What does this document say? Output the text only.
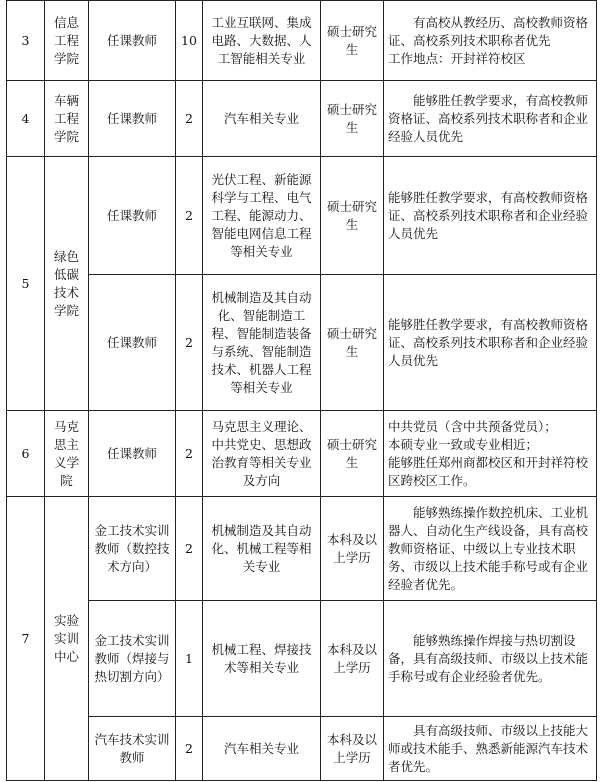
3	信息工程学院	任课教师	10	工业互联网、集成电路、大数据、人工智能相关专业	硕士研究生	有高校从教经历、高校教师资格证、高校系列技术职称者优先
工作地点：开封祥符校区
4	车辆工程学院	任课教师	2	汽车相关专业	硕士研究生	能够胜任教学要求，有高校教师资格证、高校系列技术职称者和企业经验人员优先
5	绿色低碳技术学院	任课教师	2	光伏工程、新能源科学与工程、电气工程、能源动力、智能电网信息工程等相关专业	硕士研究生	能够胜任教学要求，有高校教师资格证、高校系列技术职称者和企业经验人员优先
		任课教师	2	机械制造及其自动化、智能制造工程、智能制造装备与系统、智能制造技术、机器人工程等相关专业	硕士研究生	能够胜任教学要求，有高校教师资格证、高校系列技术职称者和企业经验人员优先
6	马克思主义学院	任课教师	2	马克思主义理论、中共党史、思想政治教育等相关专业及方向	硕士研究生	中共党员（含中共预备党员）；
本硕专业一致或专业相近；
能够胜任郑州商都校区和开封祥符校区跨校区工作。
7	实验实训中心	金工技术实训教师（数控技术方向）	2	机械制造及其自动化、机械工程等相关专业	本科及以上学历	能够熟练操作数控机床、工业机器人、自动化生产线设备，具有高校教师资格证、中级以上专业技术职务、市级以上技术能手称号或有企业经验者优先。
		金工技术实训教师（焊接与热切割方向）	1	机械工程、焊接技术等相关专业	本科及以上学历	能够熟练操作焊接与热切割设备，具有高级技师、市级以上技术能手称号或有企业经验者优先。
		汽车技术实训教师	2	汽车相关专业	本科及以上学历	具有高级技师、市级以上技能大师或技术能手、熟悉新能源汽车技术者优先。
